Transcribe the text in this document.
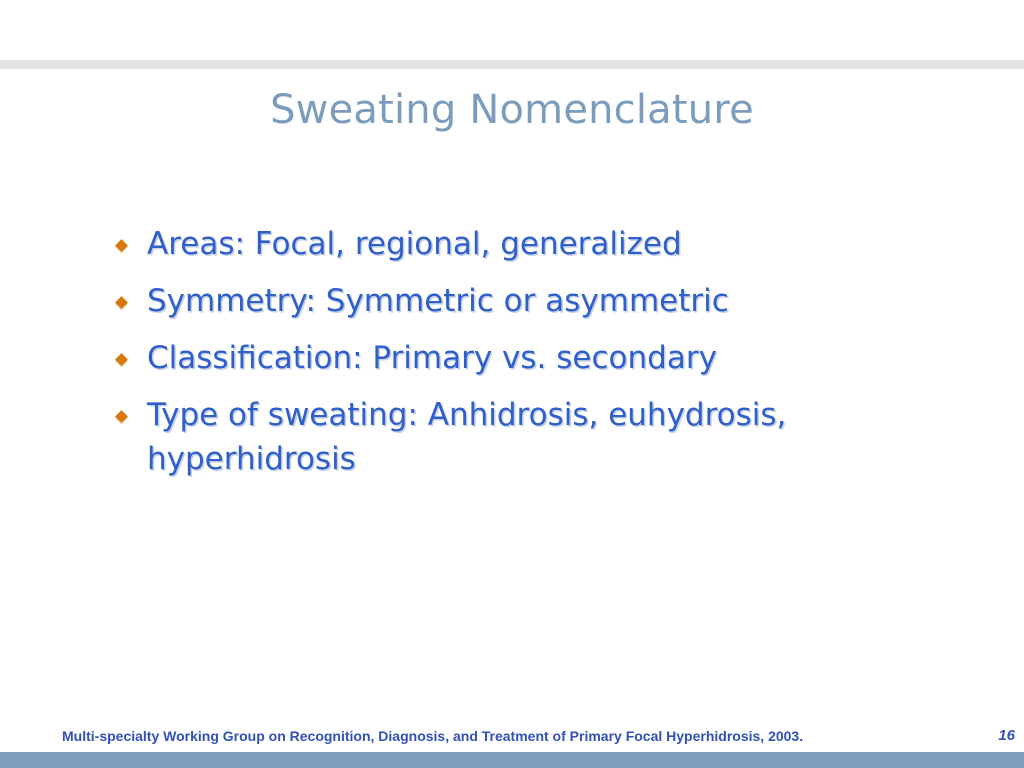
Sweating Nomenclature
Areas: Focal, regional, generalized
Symmetry: Symmetric or asymmetric
Classification: Primary vs. secondary
Type of sweating: Anhidrosis, euhydrosis, hyperhidrosis
Multi-specialty Working Group on Recognition, Diagnosis, and Treatment of Primary Focal Hyperhidrosis, 2003.	16
